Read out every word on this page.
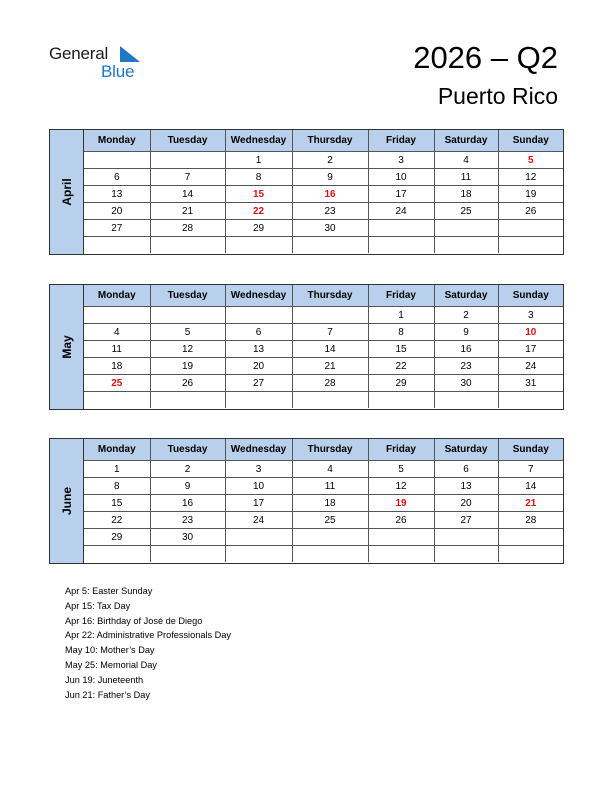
General
Blue	2026 – Q2
Puerto Rico
April
Monday	Tuesday	Wednesday	Thursday	Friday	Saturday	Sunday
		1	2	3	4	5
6	7	8	9	10	11	12
13	14	15	16	17	18	19
20	21	22	23	24	25	26
27	28	29	30			

May
Monday	Tuesday	Wednesday	Thursday	Friday	Saturday	Sunday
				1	2	3
4	5	6	7	8	9	10
11	12	13	14	15	16	17
18	19	20	21	22	23	24
25	26	27	28	29	30	31

June
Monday	Tuesday	Wednesday	Thursday	Friday	Saturday	Sunday
1	2	3	4	5	6	7
8	9	10	11	12	13	14
15	16	17	18	19	20	21
22	23	24	25	26	27	28
29	30					

Apr 5: Easter Sunday
Apr 15: Tax Day
Apr 16: Birthday of José de Diego
Apr 22: Administrative Professionals Day
May 10: Mother’s Day
May 25: Memorial Day
Jun 19: Juneteenth
Jun 21: Father’s Day
